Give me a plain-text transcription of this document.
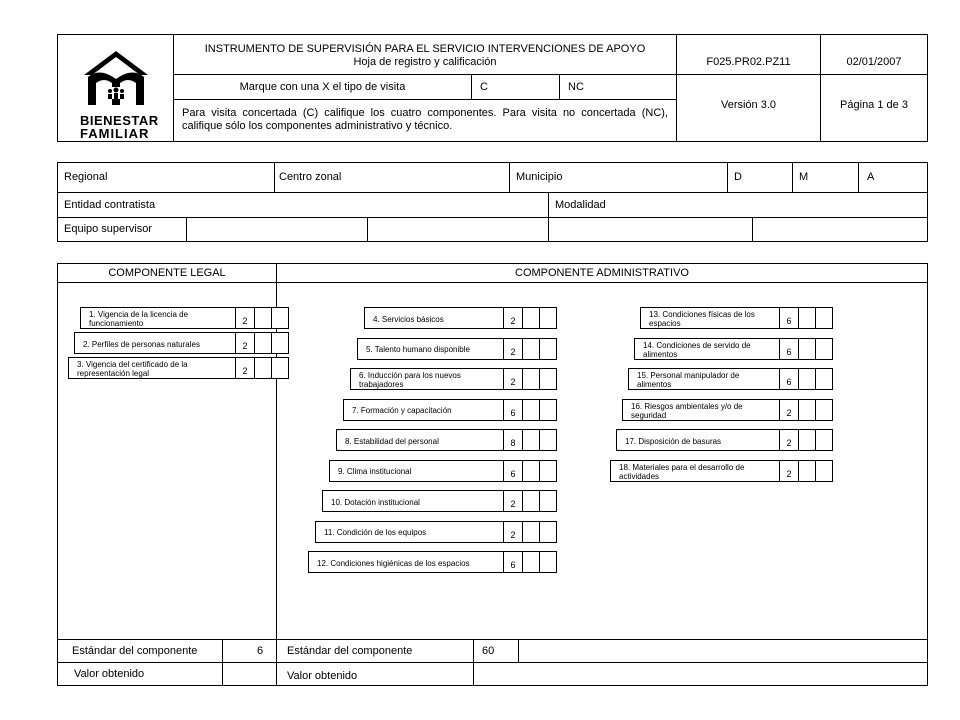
BIENESTAR
FAMILIAR
INSTRUMENTO DE SUPERVISIÓN PARA EL SERVICIO INTERVENCIONES DE APOYO
Hoja de registro y calificación	F025.PR02.PZ11	02/01/2007
Marque con una X el tipo de visita	C	NC
Versión 3.0	Página 1 de 3
Para visita concertada (C) califique los cuatro componentes. Para visita no concertada (NC), califique sólo los componentes administrativo y técnico.
Regional	Centro zonal	Municipio	D	M	A
Entidad contratista	Modalidad
Equipo supervisor
COMPONENTE LEGAL	COMPONENTE ADMINISTRATIVO
1. Vigencia de la licencia de funcionamiento	2
2. Perfiles de personas naturales	2
3. Vigencia del certificado de la representación legal	2
4. Servicios básicos	2
5. Talento humano disponible	2
6. Inducción para los nuevos trabajadores	2
7. Formación y capacitación	6
8. Estabilidad del personal	8
9. Clima institucional	6
10. Dotación institucional	2
11. Condición de los equipos	2
12. Condiciones higiénicas de los espacios	6
13. Condiciones físicas de los espacios	6
14. Condiciones de servido de alimentos	6
15. Personal manipulador de alimentos	6
16. Riesgos ambientales y/o de seguridad	2
17. Disposición de basuras	2
18. Materiales para el desarrollo de actividades	2
Estándar del componente	6	Estándar del componente	60
Valor obtenido	Valor obtenido
